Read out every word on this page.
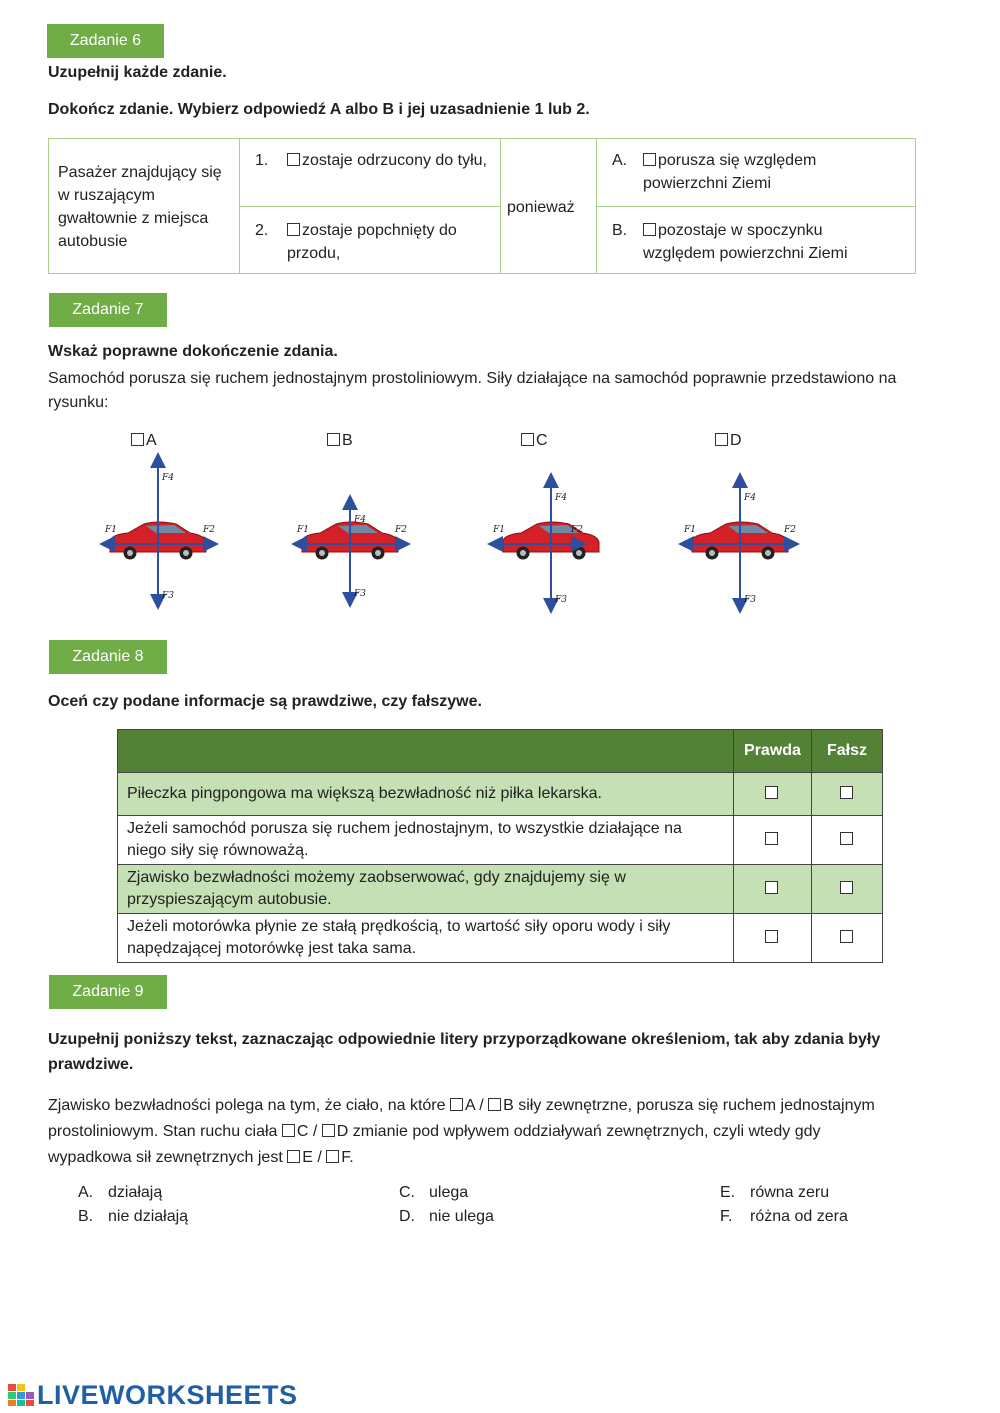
Zadanie 6
Uzupełnij każde zdanie.
Dokończ zdanie. Wybierz odpowiedź A albo B i jej uzasadnienie 1 lub 2.
Pasażer znajdujący się w ruszającym gwałtownie z miejsca autobusie
1.	zostaje odrzucony do tyłu,
2.	zostaje popchnięty do przodu,
ponieważ
A.	porusza się względem powierzchni Ziemi
B.	pozostaje w spoczynku względem powierzchni Ziemi
Zadanie 7
Wskaż poprawne dokończenie zdania.
Samochód porusza się ruchem jednostajnym prostoliniowym. Siły działające na samochód poprawnie przedstawiono na rysunku:
A	B	C	D
F1	F2
F3
F4
F1	F2
F3
F4
F1	F2
F3
F4
F1	F2
F3
F4
Zadanie 8
Oceń czy podane informacje są prawdziwe, czy fałszywe.
	Prawda	Fałsz
Piłeczka pingpongowa ma większą bezwładność niż piłka lekarska.		
Jeżeli samochód porusza się ruchem jednostajnym, to wszystkie działające na niego siły się równoważą.		
Zjawisko bezwładności możemy zaobserwować, gdy znajdujemy się w przyspieszającym autobusie.		
Jeżeli motorówka płynie ze stałą prędkością, to wartość siły oporu wody i siły napędzającej motorówkę jest taka sama.		
Zadanie 9
Uzupełnij poniższy tekst, zaznaczając odpowiednie litery przyporządkowane określeniom, tak aby zdania były prawdziwe.
Zjawisko bezwładności polega na tym, że ciało, na które A / B siły zewnętrzne, porusza się ruchem jednostajnym
prostoliniowym. Stan ruchu ciała C / D zmianie pod wpływem oddziaływań zewnętrznych, czyli wtedy gdy
wypadkowa sił zewnętrznych jest E / F.
A. działają
B. nie działają
C. ulega
D. nie ulega
E. równa zeru
F. różna od zera
LIVEWORKSHEETS
